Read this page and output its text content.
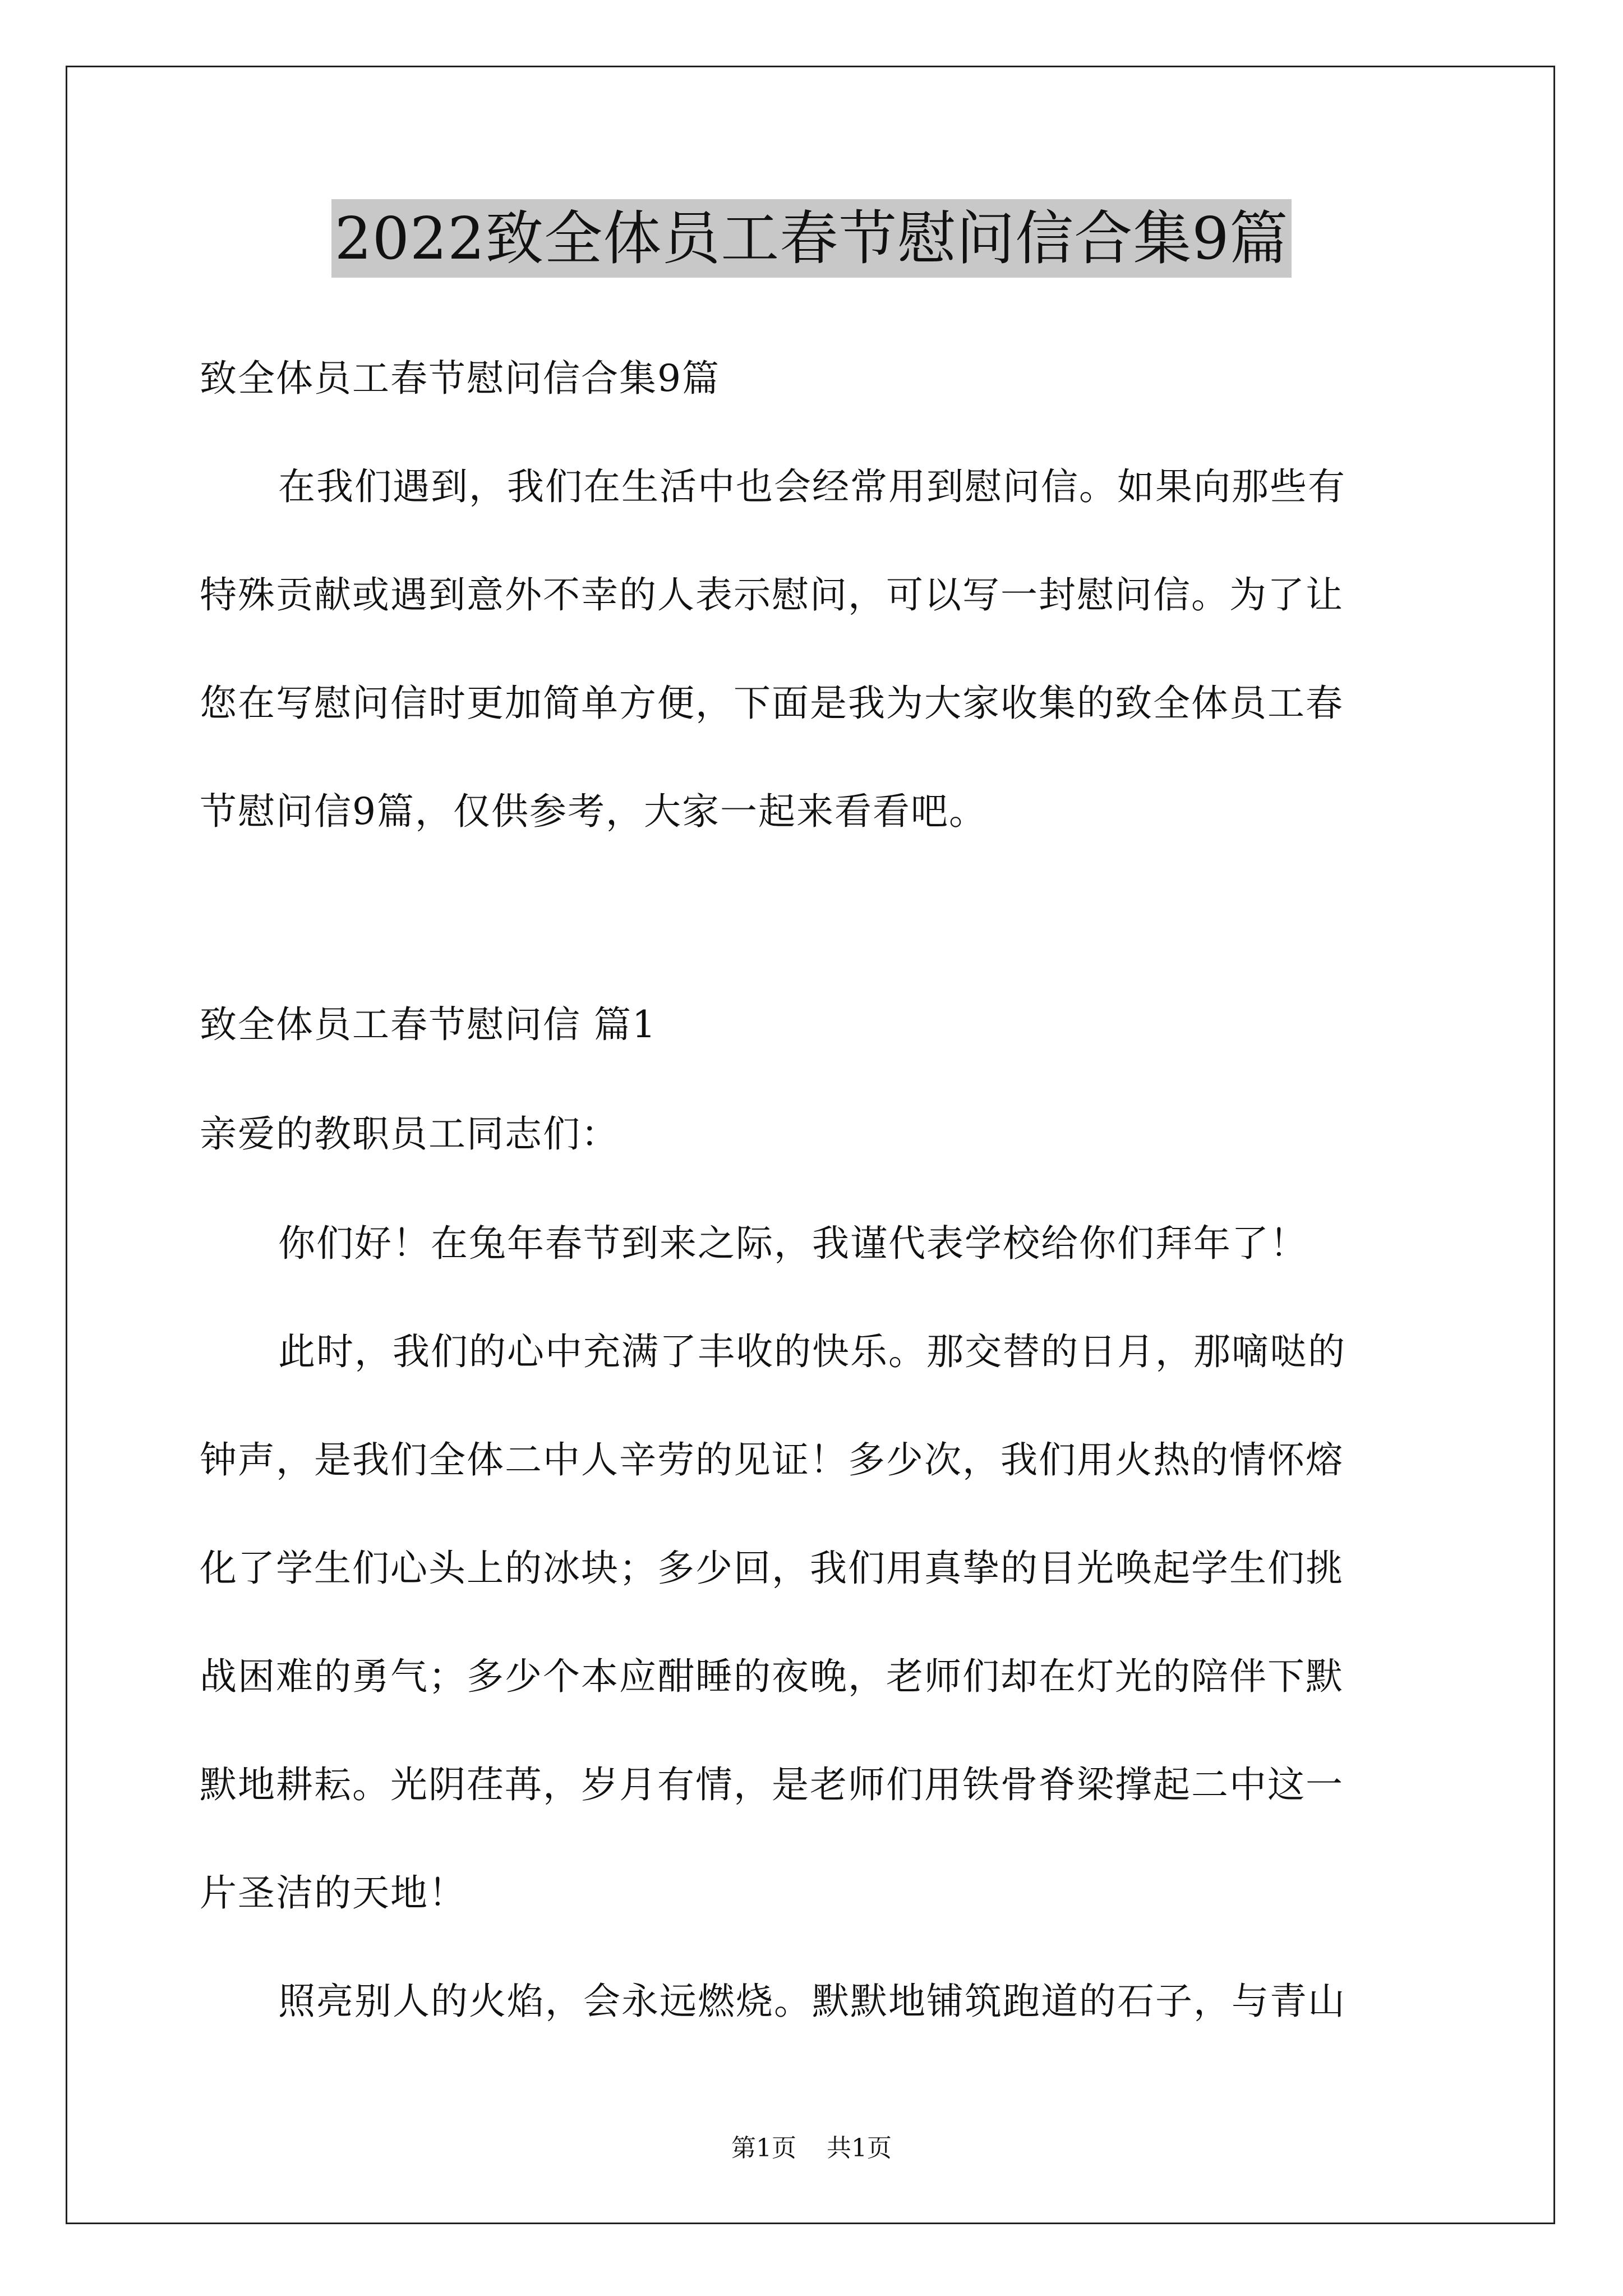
2022致全体员工春节慰问信合集9篇

致全体员工春节慰问信合集9篇

在我们遇到，我们在生活中也会经常用到慰问信。如果向那些有

特殊贡献或遇到意外不幸的人表示慰问，可以写一封慰问信。为了让

您在写慰问信时更加简单方便，下面是我为大家收集的致全体员工春

节慰问信9篇，仅供参考，大家一起来看看吧。

致全体员工春节慰问信 篇1

亲爱的教职员工同志们：

你们好！在兔年春节到来之际，我谨代表学校给你们拜年了！

此时，我们的心中充满了丰收的快乐。那交替的日月，那嘀哒的

钟声，是我们全体二中人辛劳的见证！多少次，我们用火热的情怀熔

化了学生们心头上的冰块；多少回，我们用真挚的目光唤起学生们挑

战困难的勇气；多少个本应酣睡的夜晚，老师们却在灯光的陪伴下默

默地耕耘。光阴荏苒，岁月有情，是老师们用铁骨脊梁撑起二中这一

片圣洁的天地！

照亮别人的火焰，会永远燃烧。默默地铺筑跑道的石子，与青山

第1页 共1页
